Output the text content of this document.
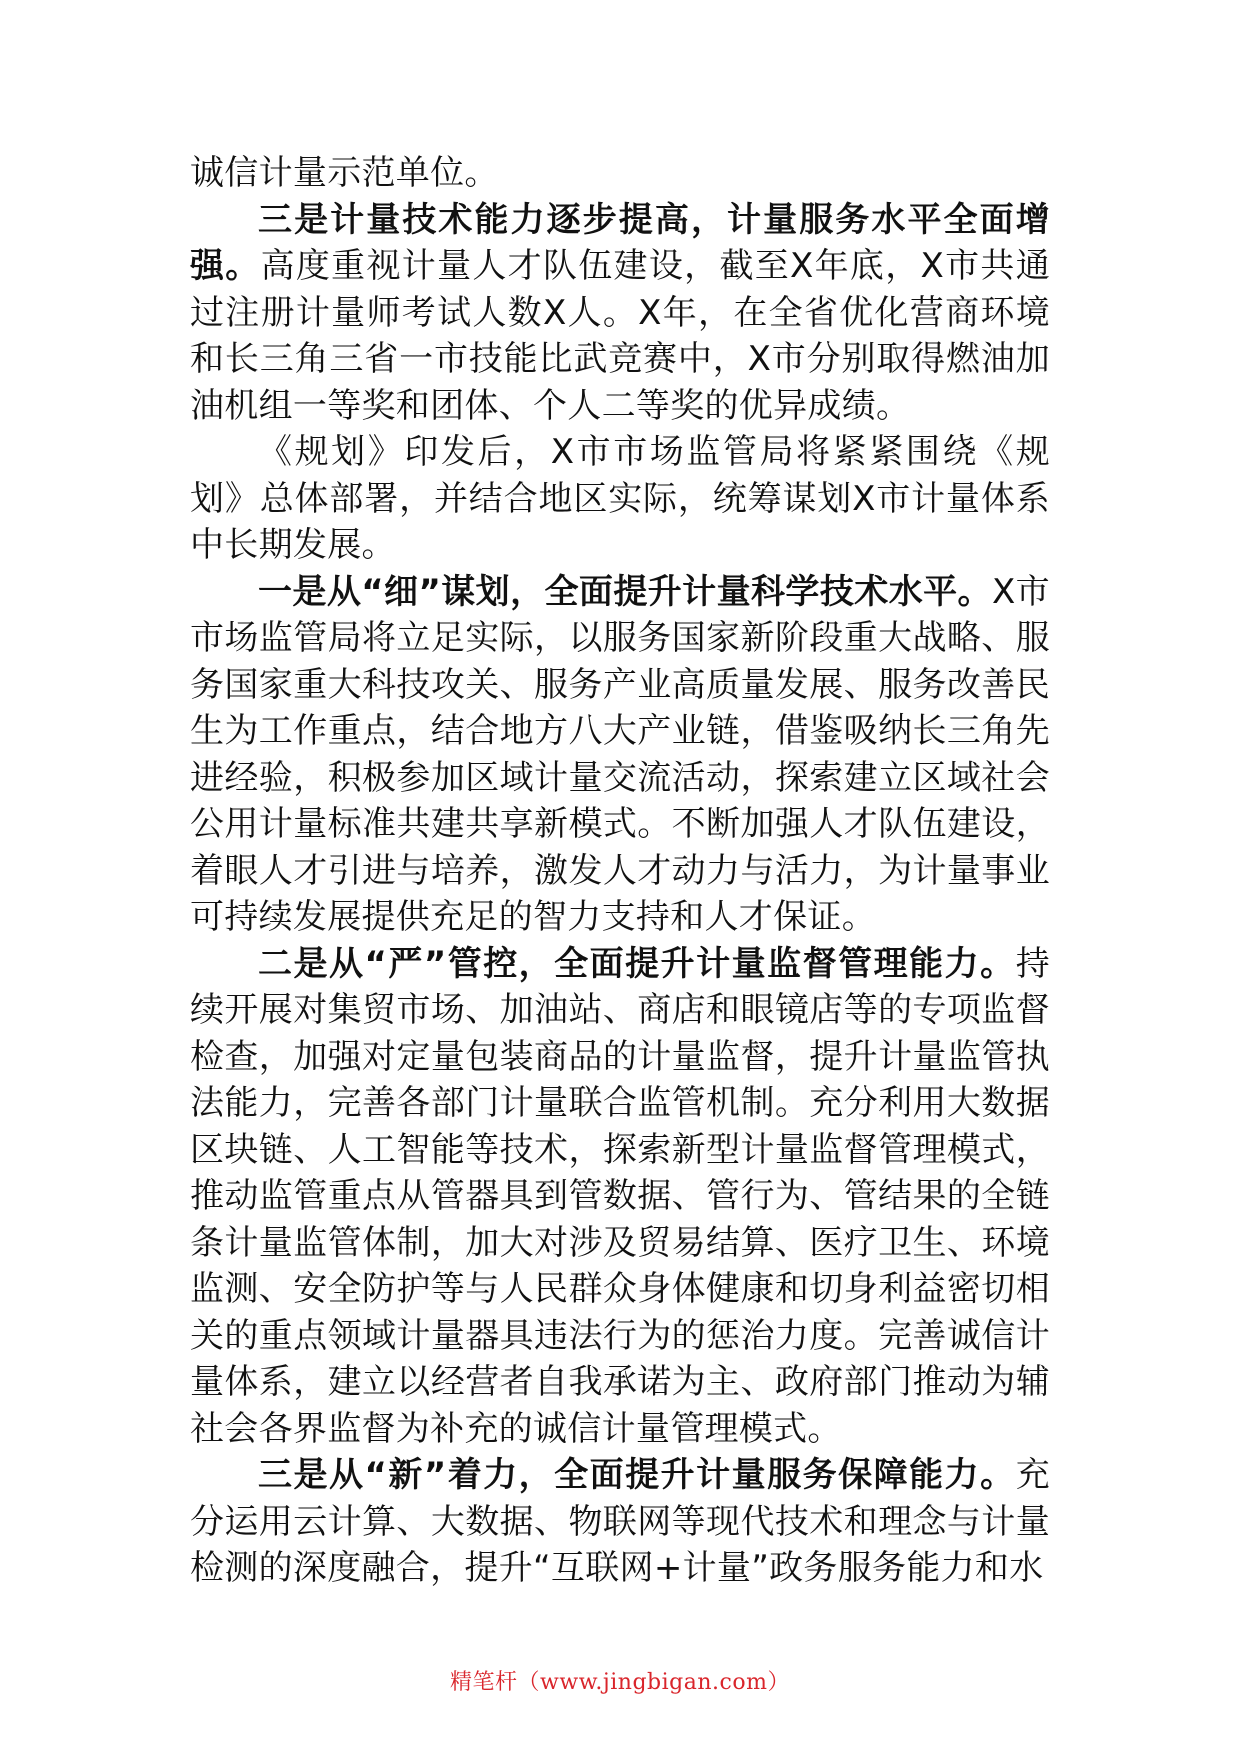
诚信计量示范单位。

三是计量技术能力逐步提高，计量服务水平全面增强。高度重视计量人才队伍建设，截至X年底，X市共通过注册计量师考试人数X人。X年，在全省优化营商环境和长三角三省一市技能比武竞赛中，X市分别取得燃油加油机组一等奖和团体、个人二等奖的优异成绩。

《规划》印发后，X市市场监管局将紧紧围绕《规划》总体部署，并结合地区实际，统筹谋划X市计量体系中长期发展。

一是从“细”谋划，全面提升计量科学技术水平。X市市场监管局将立足实际，以服务国家新阶段重大战略、服务国家重大科技攻关、服务产业高质量发展、服务改善民生为工作重点，结合地方八大产业链，借鉴吸纳长三角先进经验，积极参加区域计量交流活动，探索建立区域社会公用计量标准共建共享新模式。不断加强人才队伍建设，着眼人才引进与培养，激发人才动力与活力，为计量事业可持续发展提供充足的智力支持和人才保证。

二是从“严”管控，全面提升计量监督管理能力。持续开展对集贸市场、加油站、商店和眼镜店等的专项监督检查，加强对定量包装商品的计量监督，提升计量监管执法能力，完善各部门计量联合监管机制。充分利用大数据区块链、人工智能等技术，探索新型计量监督管理模式，推动监管重点从管器具到管数据、管行为、管结果的全链条计量监管体制，加大对涉及贸易结算、医疗卫生、环境监测、安全防护等与人民群众身体健康和切身利益密切相关的重点领域计量器具违法行为的惩治力度。完善诚信计量体系，建立以经营者自我承诺为主、政府部门推动为辅社会各界监督为补充的诚信计量管理模式。

三是从“新”着力，全面提升计量服务保障能力。充分运用云计算、大数据、物联网等现代技术和理念与计量检测的深度融合，提升“互联网+计量”政务服务能力和水

精笔杆（www.jingbigan.com）
